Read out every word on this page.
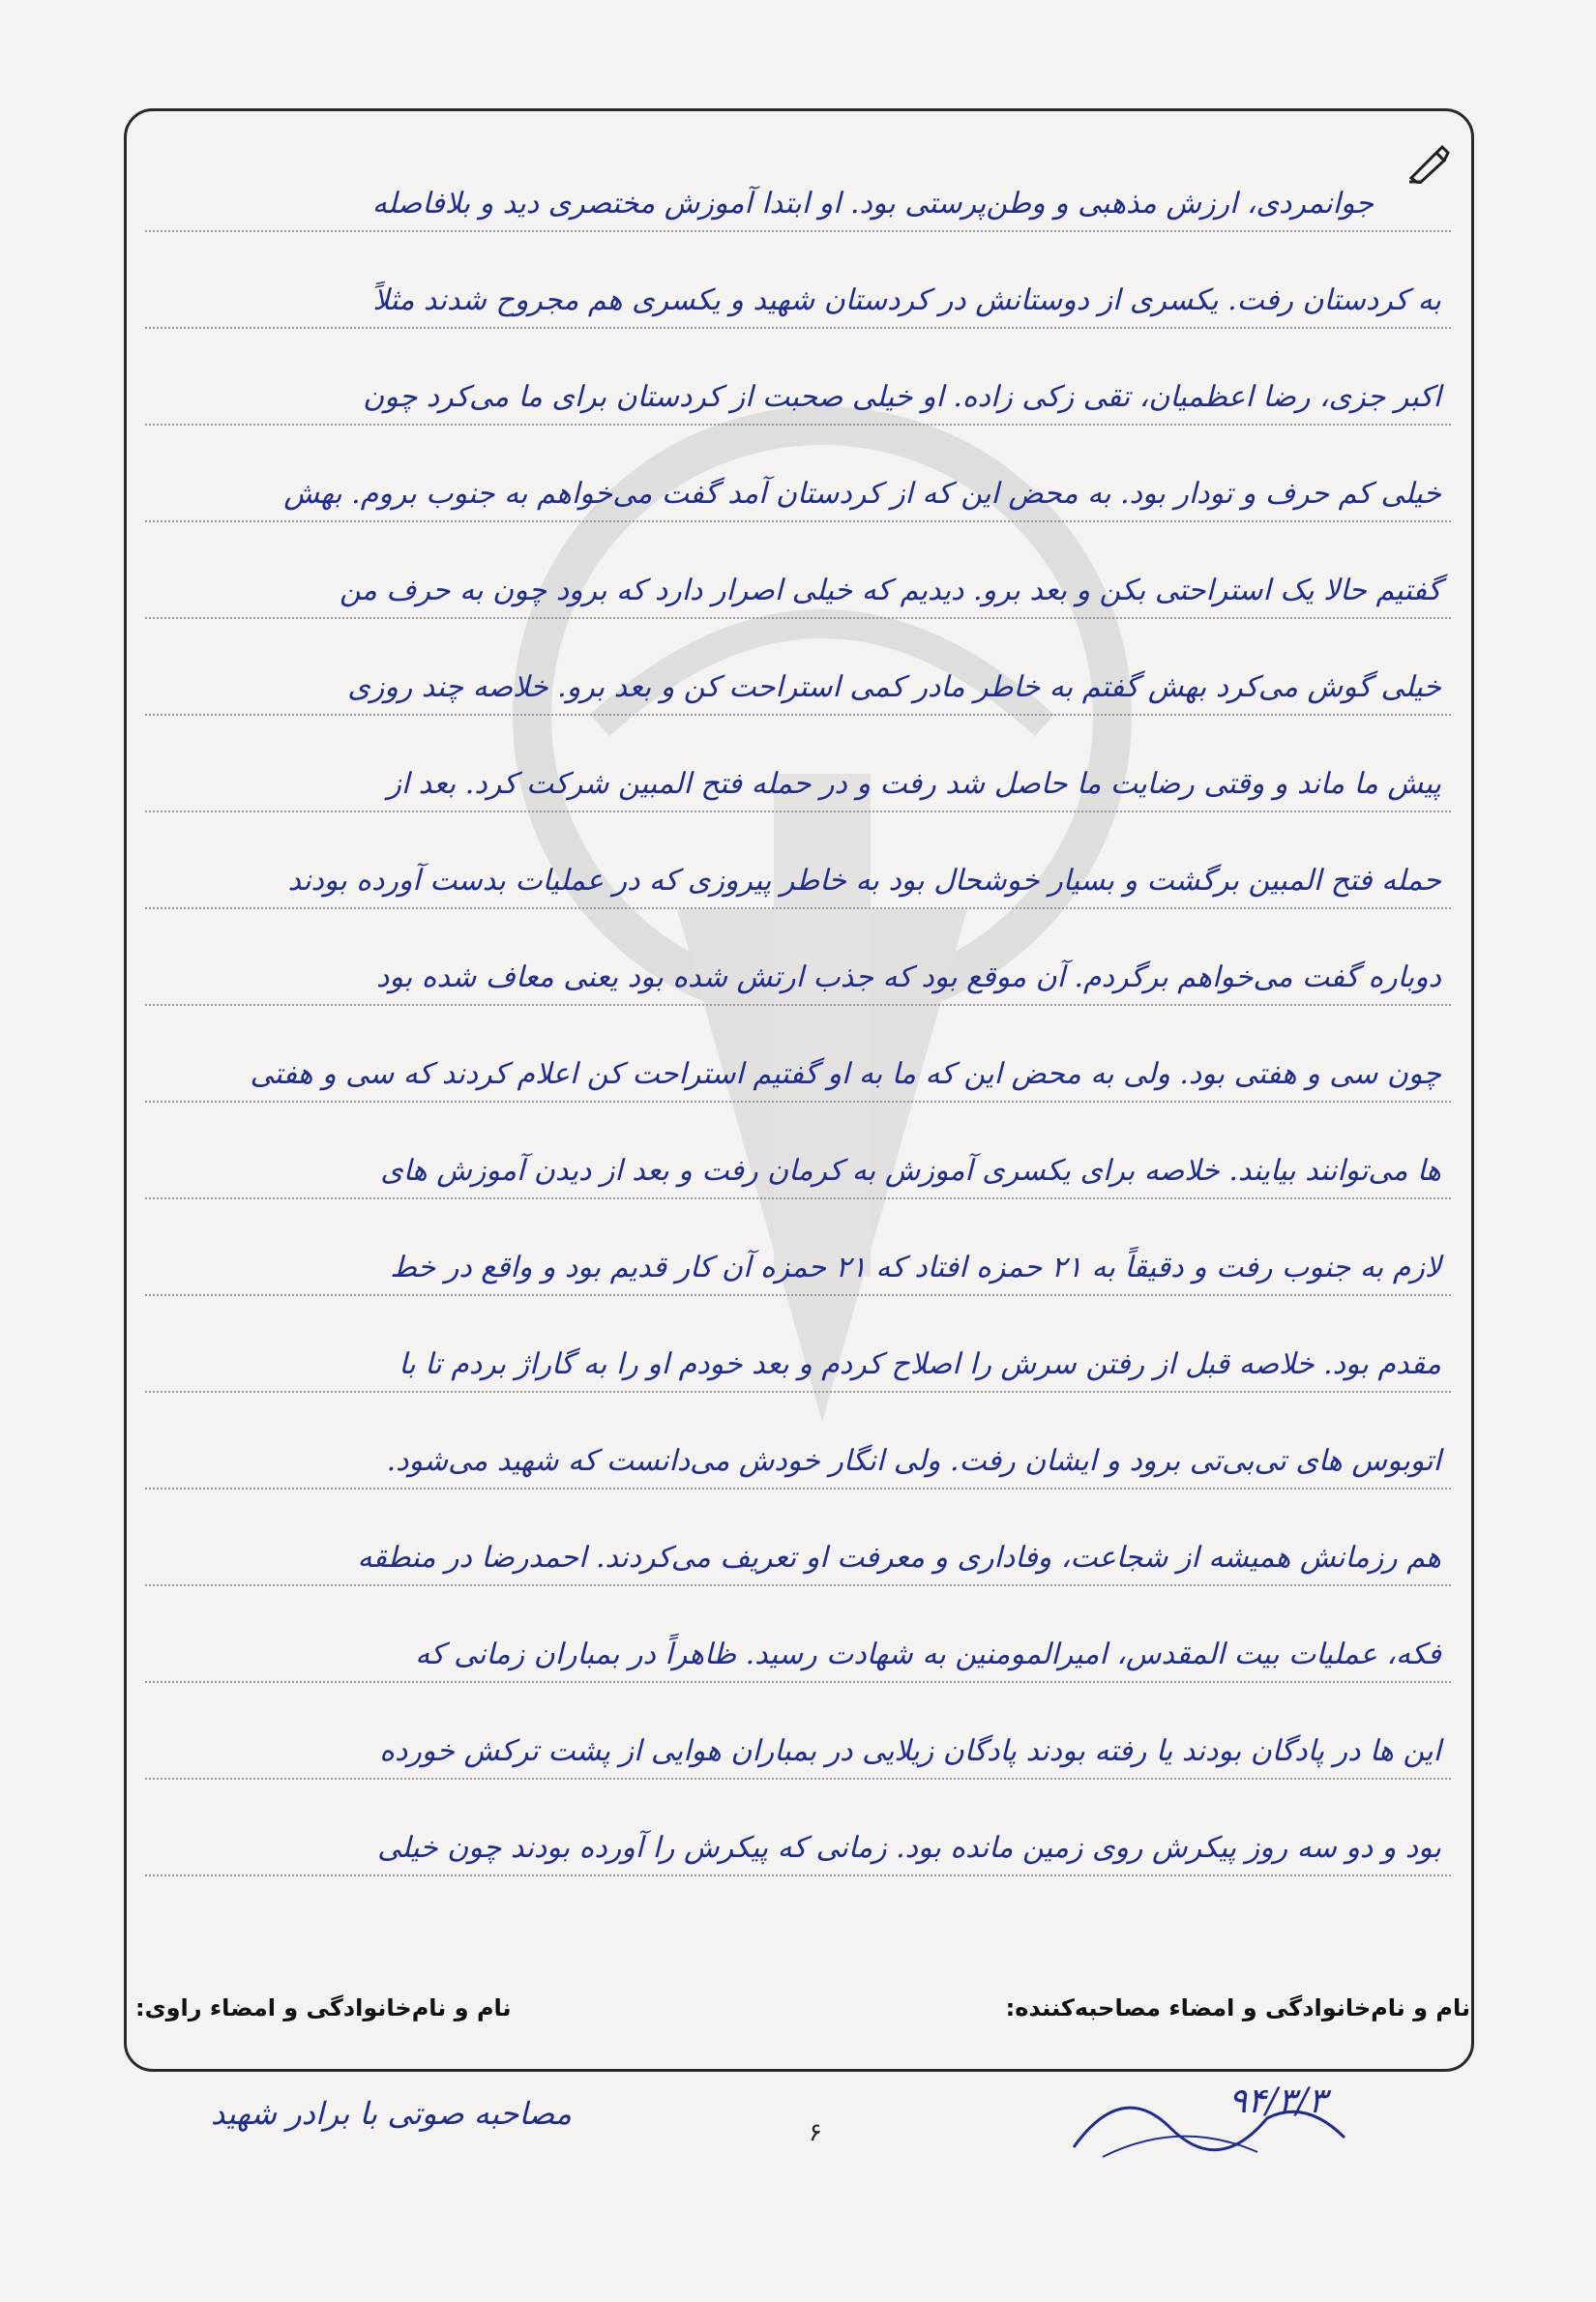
جوانمردی، ارزش مذهبی و وطن‌پرستی بود. او ابتدا آموزش مختصری دید و بلافاصله
به کردستان رفت. یکسری از دوستانش در کردستان شهید و یکسری هم مجروح شدند مثلاً
اکبر جزی، رضا اعظمیان، تقی زکی زاده. او خیلی صحبت از کردستان برای ما می‌کرد چون
خیلی کم حرف و تودار بود. به محض این که از کردستان آمد گفت می‌خواهم به جنوب بروم. بهش
گفتیم حالا یک استراحتی بکن و بعد برو. دیدیم که خیلی اصرار دارد که برود چون به حرف من
خیلی گوش می‌کرد بهش گفتم به خاطر مادر کمی استراحت کن و بعد برو. خلاصه چند روزی
پیش ما ماند و وقتی رضایت ما حاصل شد رفت و در حمله فتح المبین شرکت کرد. بعد از
حمله فتح المبین برگشت و بسیار خوشحال بود به خاطر پیروزی که در عملیات بدست آورده بودند
دوباره گفت می‌خواهم برگردم. آن موقع بود که جذب ارتش شده بود یعنی معاف شده بود
چون سی و هفتی بود. ولی به محض این که ما به او گفتیم استراحت کن اعلام کردند که سی و هفتی
ها می‌توانند بیایند. خلاصه برای یکسری آموزش به کرمان رفت و بعد از دیدن آموزش های
لازم به جنوب رفت و دقیقاً به ۲۱ حمزه افتاد که ۲۱ حمزه آن کار قدیم بود و واقع در خط
مقدم بود. خلاصه قبل از رفتن سرش را اصلاح کردم و بعد خودم او را به گاراژ بردم تا با
اتوبوس های تی‌بی‌تی برود و ایشان رفت. ولی انگار خودش می‌دانست که شهید می‌شود.
هم رزمانش همیشه از شجاعت، وفاداری و معرفت او تعریف می‌کردند. احمدرضا در منطقه
فکه، عملیات بیت المقدس، امیرالمومنین به شهادت رسید. ظاهراً در بمباران زمانی که
این ها در پادگان بودند یا رفته بودند پادگان زیلایی در بمباران هوایی از پشت ترکش خورده
بود و دو سه روز پیکرش روی زمین مانده بود. زمانی که پیکرش را آورده بودند چون خیلی
نام و نام‌خانوادگی و امضاء مصاحبه‌کننده:
نام و نام‌خانوادگی و امضاء راوی:
مصاحبه صوتی با برادر شهید	۹۴/۳/۳
۶
